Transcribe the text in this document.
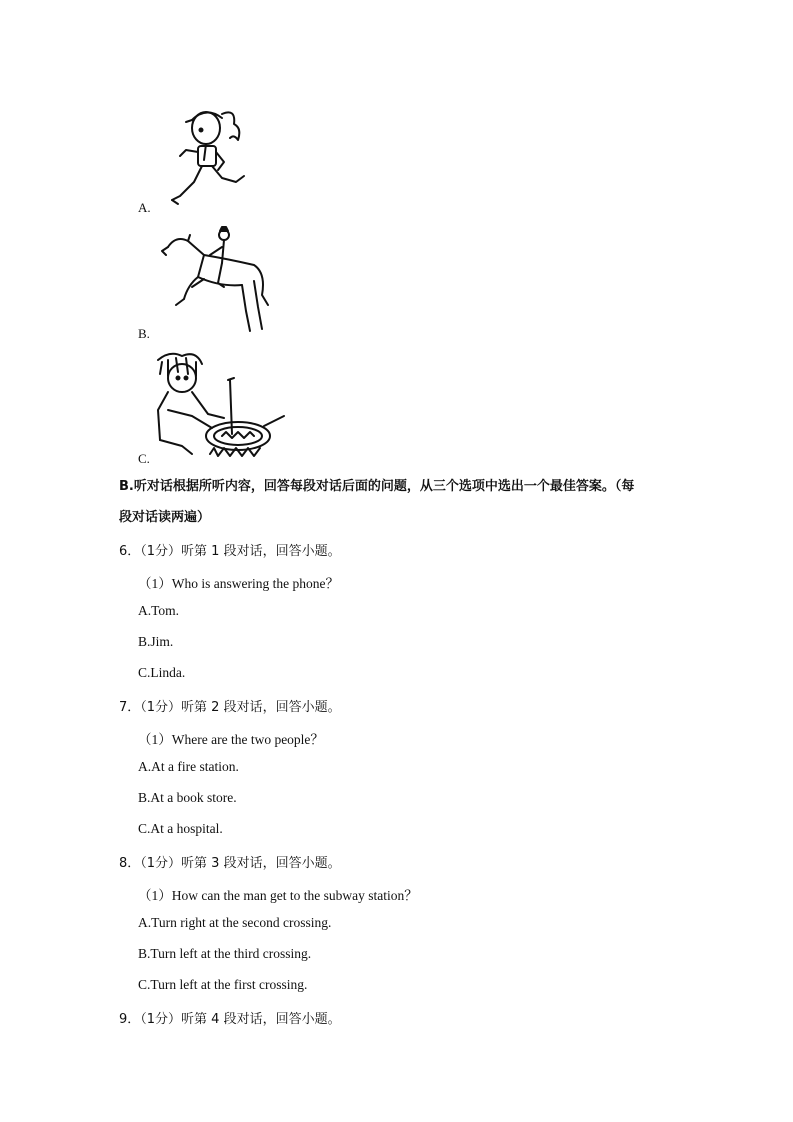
A.
B.
C.
B.听对话根据所听内容，回答每段对话后面的问题，从三个选项中选出一个最佳答案。（每
段对话读两遍）
6．（1分）听第 1 段对话，回答小题。
（1）Who is answering the phone？
A.Tom.
B.Jim.
C.Linda.
7．（1分）听第 2 段对话，回答小题。
（1）Where are the two people？
A.At a fire station.
B.At a book store.
C.At a hospital.
8．（1分）听第 3 段对话，回答小题。
（1）How can the man get to the subway station？
A.Turn right at the second crossing.
B.Turn left at the third crossing.
C.Turn left at the first crossing.
9．（1分）听第 4 段对话，回答小题。
